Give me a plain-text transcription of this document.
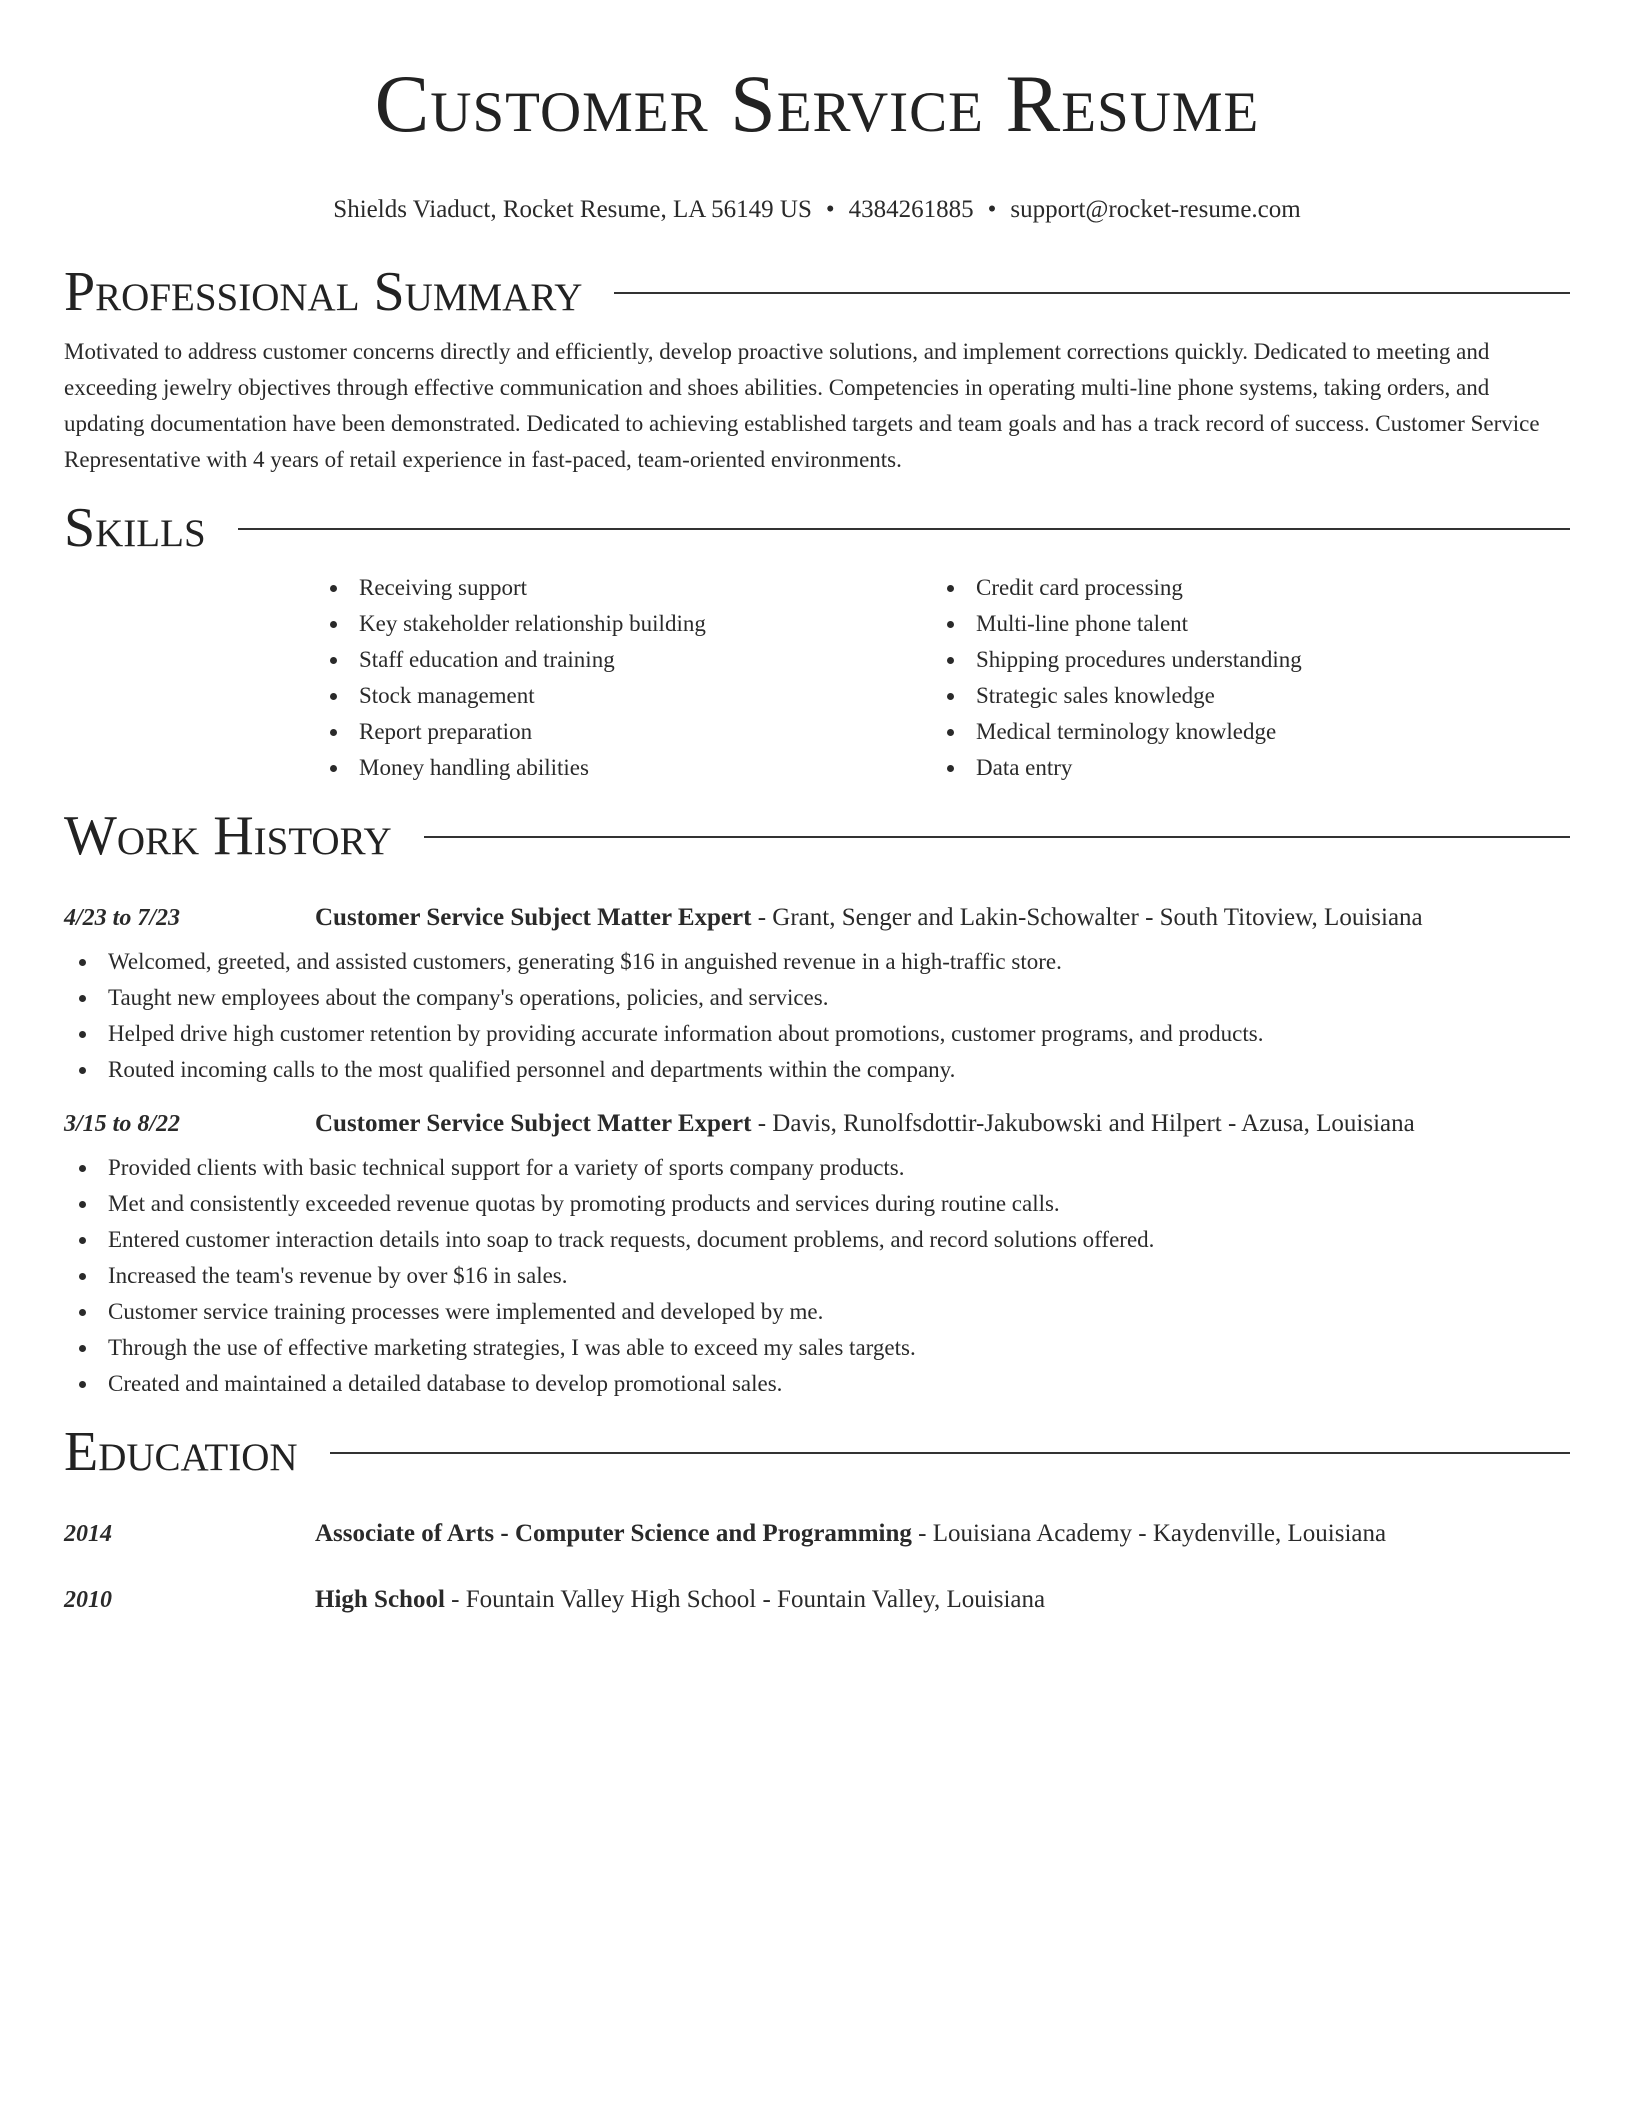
Customer Service Resume
Shields Viaduct, Rocket Resume, LA 56149 US • 4384261885 • support@rocket-resume.com
Professional Summary

Motivated to address customer concerns directly and efficiently, develop proactive solutions, and implement corrections quickly. Dedicated to meeting and exceeding jewelry objectives through effective communication and shoes abilities. Competencies in operating multi-line phone systems, taking orders, and updating documentation have been demonstrated. Dedicated to achieving established targets and team goals and has a track record of success. Customer Service Representative with 4 years of retail experience in fast-paced, team-oriented environments.

Skills
Receiving support
Key stakeholder relationship building
Staff education and training
Stock management
Report preparation
Money handling abilities
Credit card processing
Multi-line phone talent
Shipping procedures understanding
Strategic sales knowledge
Medical terminology knowledge
Data entry
Work History
4/23 to 7/23	Customer Service Subject Matter Expert - Grant, Senger and Lakin-Schowalter - South Titoview, Louisiana
Welcomed, greeted, and assisted customers, generating $16 in anguished revenue in a high-traffic store.
Taught new employees about the company's operations, policies, and services.
Helped drive high customer retention by providing accurate information about promotions, customer programs, and products.
Routed incoming calls to the most qualified personnel and departments within the company.
3/15 to 8/22	Customer Service Subject Matter Expert - Davis, Runolfsdottir-Jakubowski and Hilpert - Azusa, Louisiana
Provided clients with basic technical support for a variety of sports company products.
Met and consistently exceeded revenue quotas by promoting products and services during routine calls.
Entered customer interaction details into soap to track requests, document problems, and record solutions offered.
Increased the team's revenue by over $16 in sales.
Customer service training processes were implemented and developed by me.
Through the use of effective marketing strategies, I was able to exceed my sales targets.
Created and maintained a detailed database to develop promotional sales.
Education
2014	Associate of Arts - Computer Science and Programming - Louisiana Academy - Kaydenville, Louisiana
2010	High School - Fountain Valley High School - Fountain Valley, Louisiana
